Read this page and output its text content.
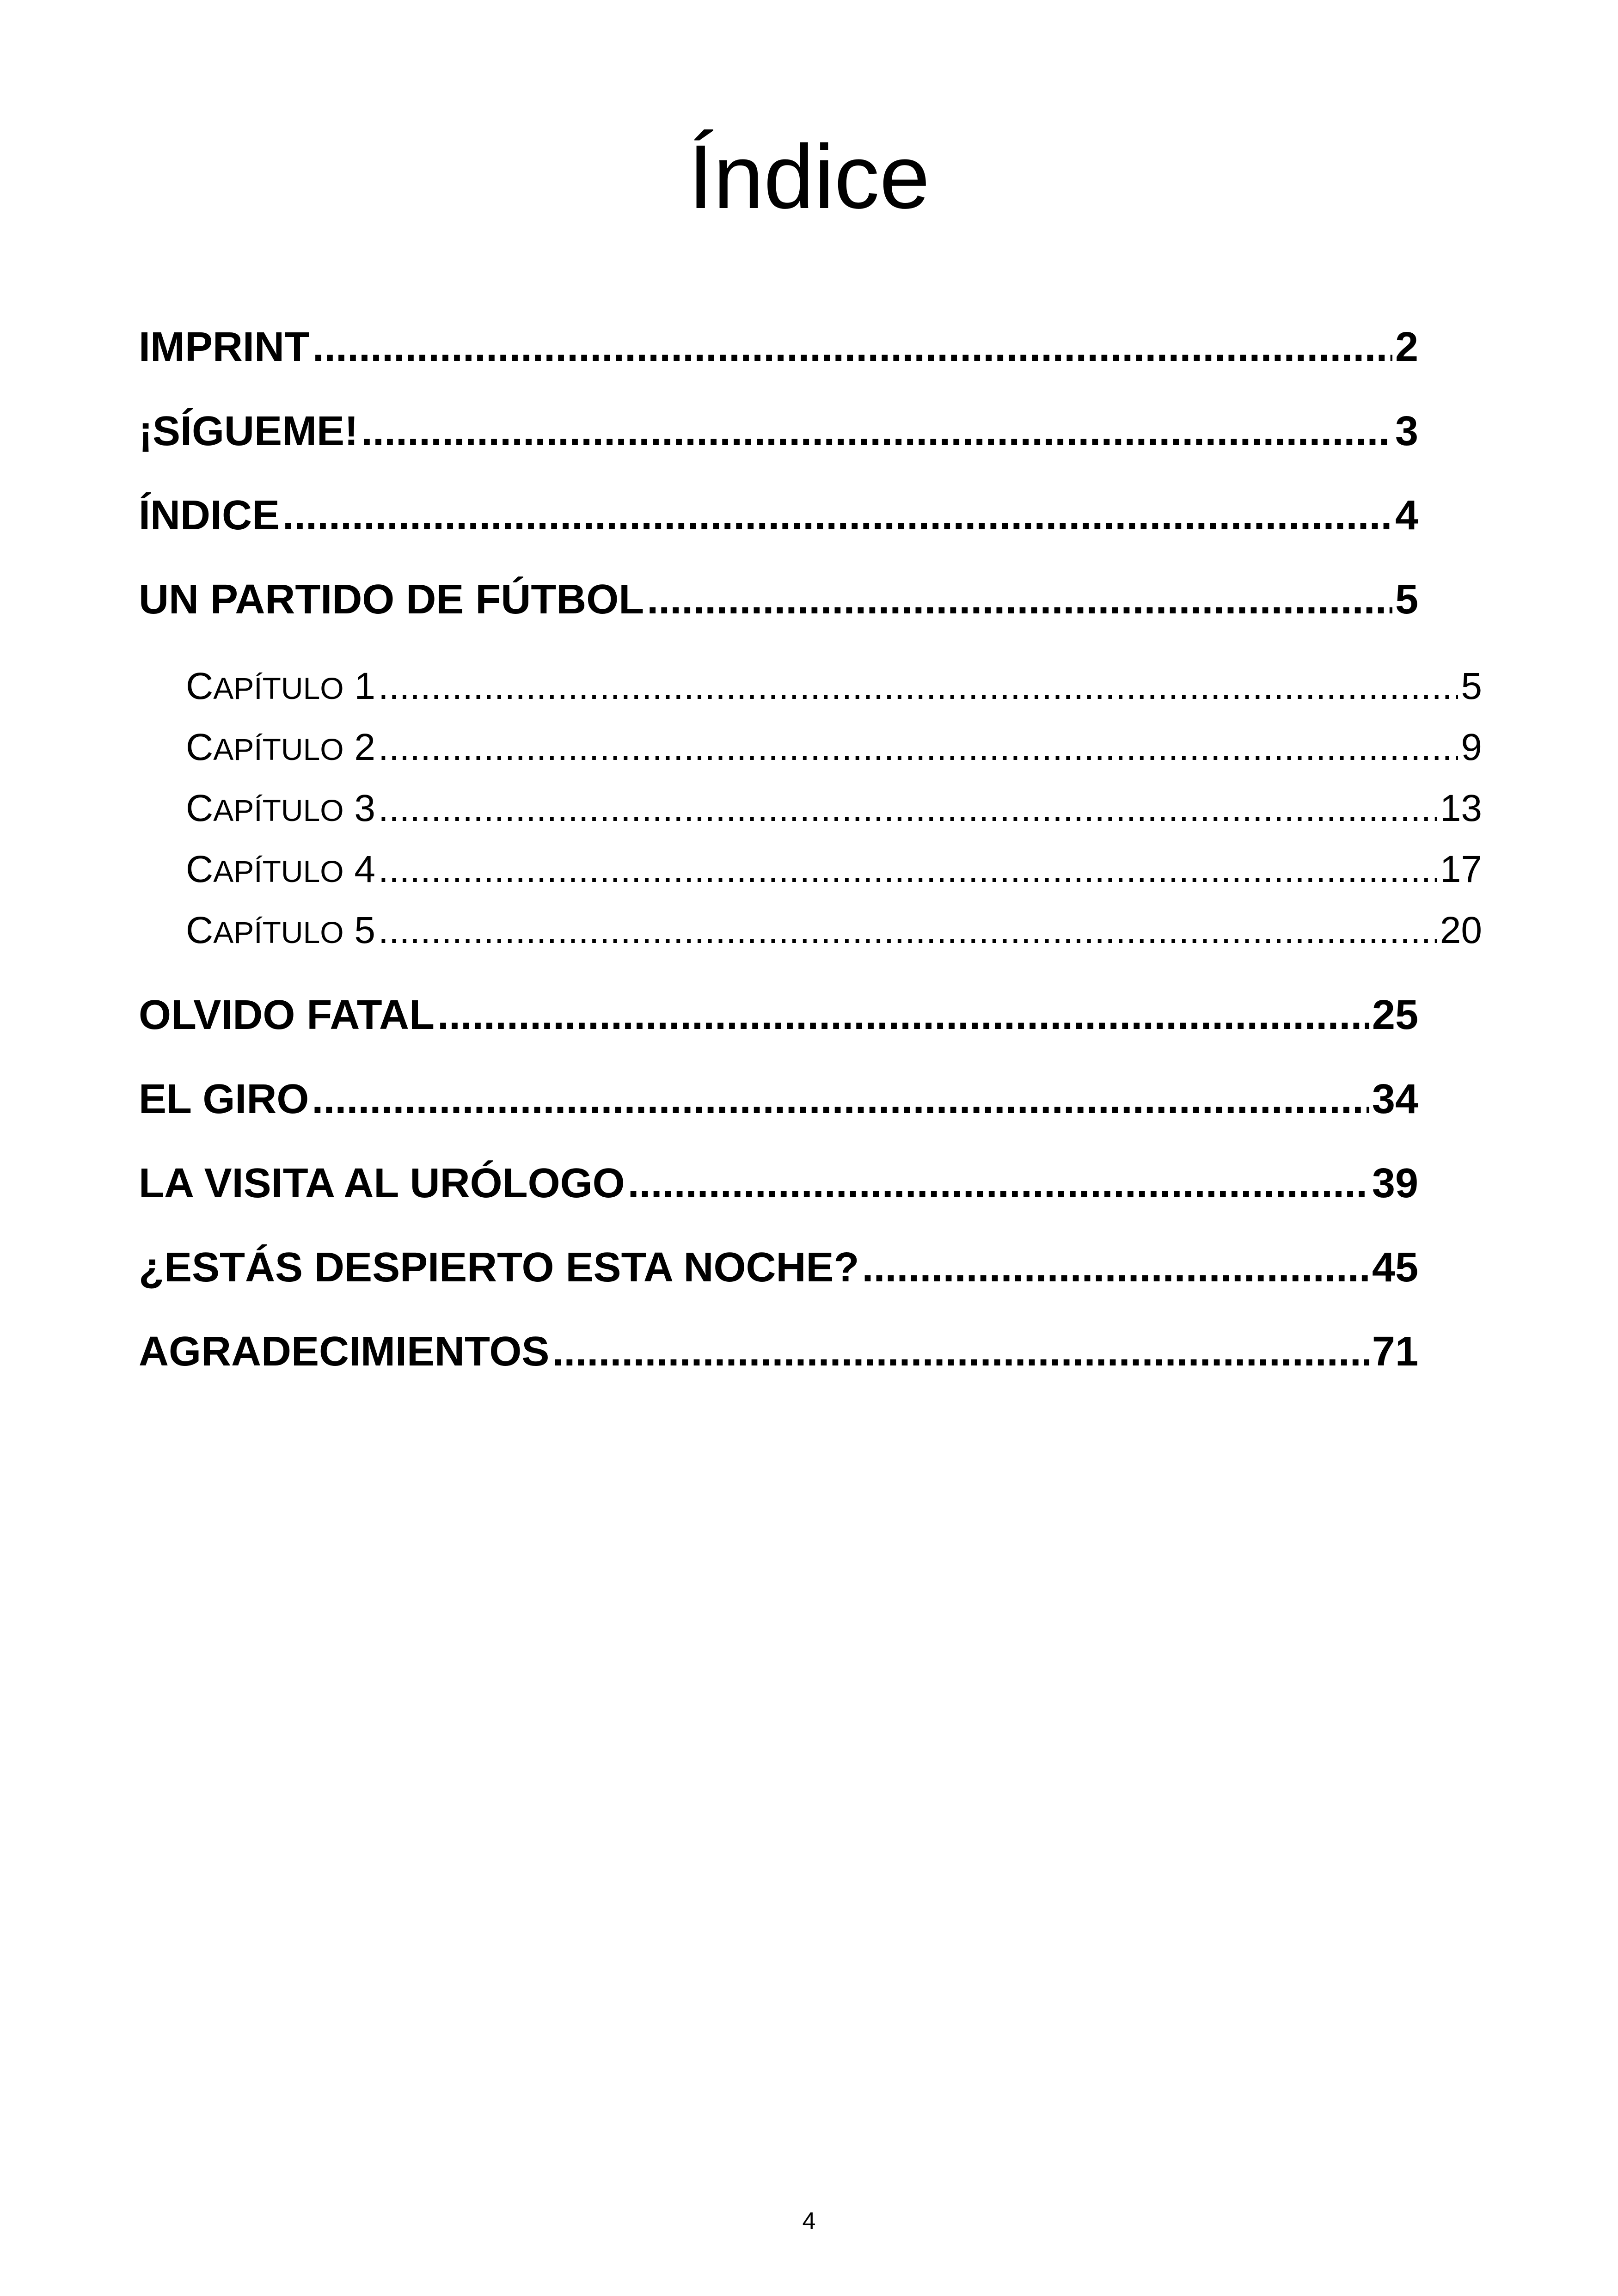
Índice
IMPRINT .....	2
¡SÍGUEME! .....	3
ÍNDICE .....	4
UN PARTIDO DE FÚTBOL .....	5
CAPÍTULO 1 .....	5
CAPÍTULO 2 .....	9
CAPÍTULO 3 .....	13
CAPÍTULO 4 .....	17
CAPÍTULO 5 .....	20
OLVIDO FATAL .....	25
EL GIRO .....	34
LA VISITA AL URÓLOGO .....	39
¿ESTÁS DESPIERTO ESTA NOCHE? .....	45
AGRADECIMIENTOS .....	71
4
